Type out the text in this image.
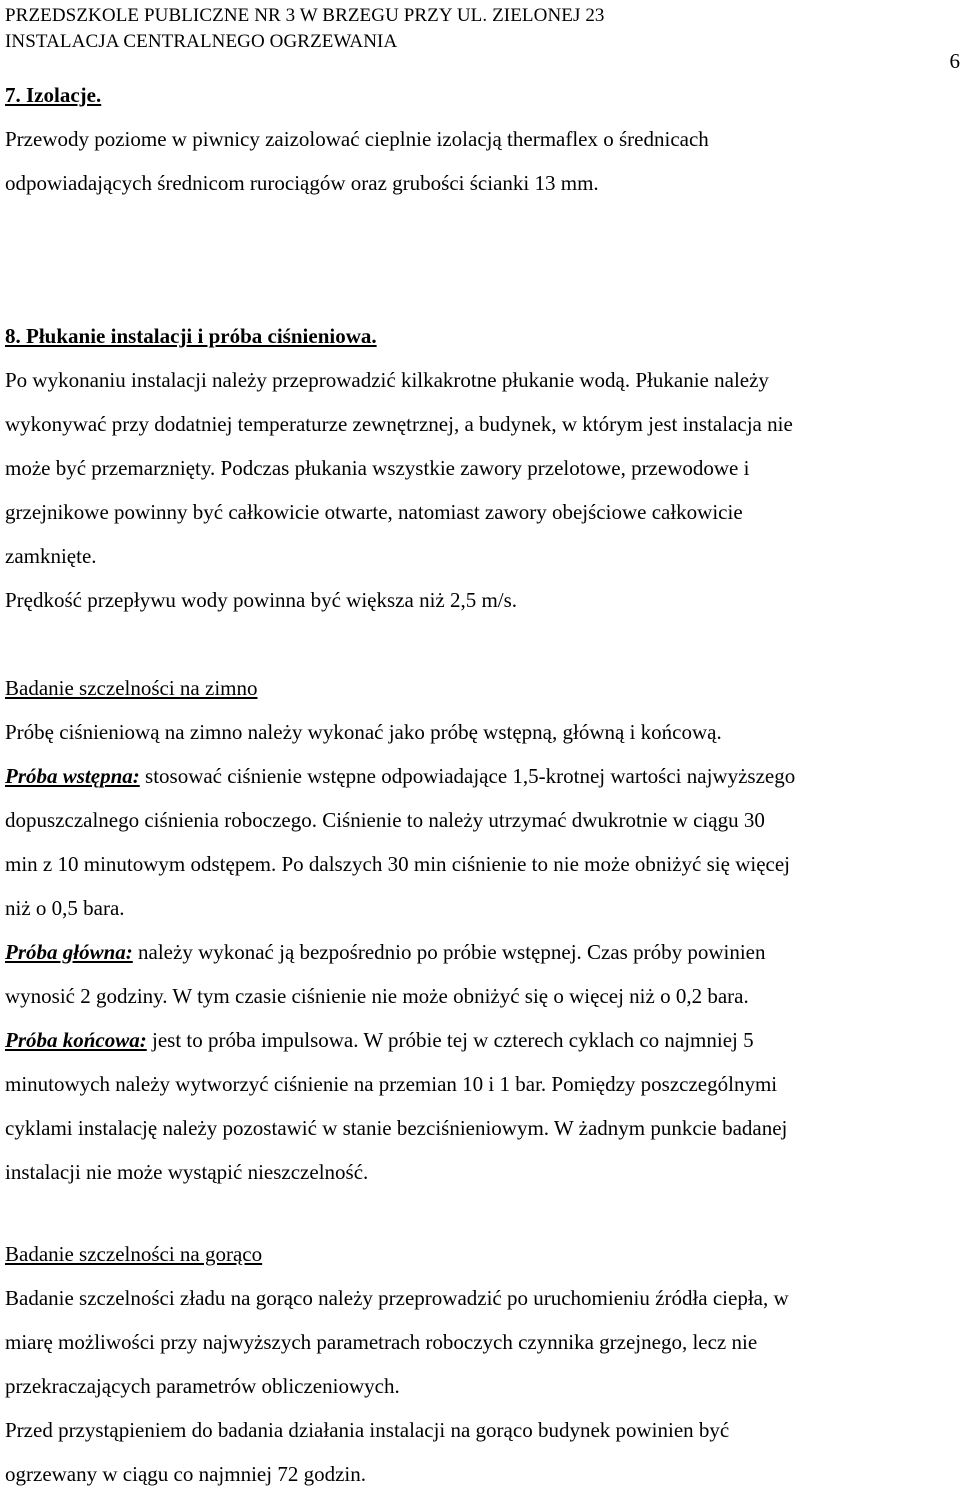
PRZEDSZKOLE PUBLICZNE NR 3 W BRZEGU PRZY UL. ZIELONEJ 23
INSTALACJA CENTRALNEGO OGRZEWANIA
6

7. Izolacje.

Przewody poziome w piwnicy zaizolować cieplnie izolacją thermaflex o średnicach

odpowiadających średnicom rurociągów oraz grubości ścianki 13 mm.

8. Płukanie instalacji i próba ciśnieniowa.

Po wykonaniu instalacji należy przeprowadzić kilkakrotne płukanie wodą. Płukanie należy

wykonywać przy dodatniej temperaturze zewnętrznej, a budynek, w którym jest instalacja nie

może być przemarznięty. Podczas płukania wszystkie zawory przelotowe, przewodowe i

grzejnikowe powinny być całkowicie otwarte, natomiast zawory obejściowe całkowicie

zamknięte.

Prędkość przepływu wody powinna być większa niż 2,5 m/s.

Badanie szczelności na zimno

Próbę ciśnieniową na zimno należy wykonać jako próbę wstępną, główną i końcową.

Próba wstępna: stosować ciśnienie wstępne odpowiadające 1,5-krotnej wartości najwyższego

dopuszczalnego ciśnienia roboczego. Ciśnienie to należy utrzymać dwukrotnie w ciągu 30

min z 10 minutowym odstępem. Po dalszych 30 min ciśnienie to nie może obniżyć się więcej

niż o 0,5 bara.

Próba główna: należy wykonać ją bezpośrednio po próbie wstępnej. Czas próby powinien

wynosić 2 godziny. W tym czasie ciśnienie nie może obniżyć się o więcej niż o 0,2 bara.

Próba końcowa: jest to próba impulsowa. W próbie tej w czterech cyklach co najmniej 5

minutowych należy wytworzyć ciśnienie na przemian 10 i 1 bar. Pomiędzy poszczególnymi

cyklami instalację należy pozostawić w stanie bezciśnieniowym. W żadnym punkcie badanej

instalacji nie może wystąpić nieszczelność.

Badanie szczelności na gorąco

Badanie szczelności zładu na gorąco należy przeprowadzić po uruchomieniu źródła ciepła, w

miarę możliwości przy najwyższych parametrach roboczych czynnika grzejnego, lecz nie

przekraczających parametrów obliczeniowych.

Przed przystąpieniem do badania działania instalacji na gorąco budynek powinien być

ogrzewany w ciągu co najmniej 72 godzin.
